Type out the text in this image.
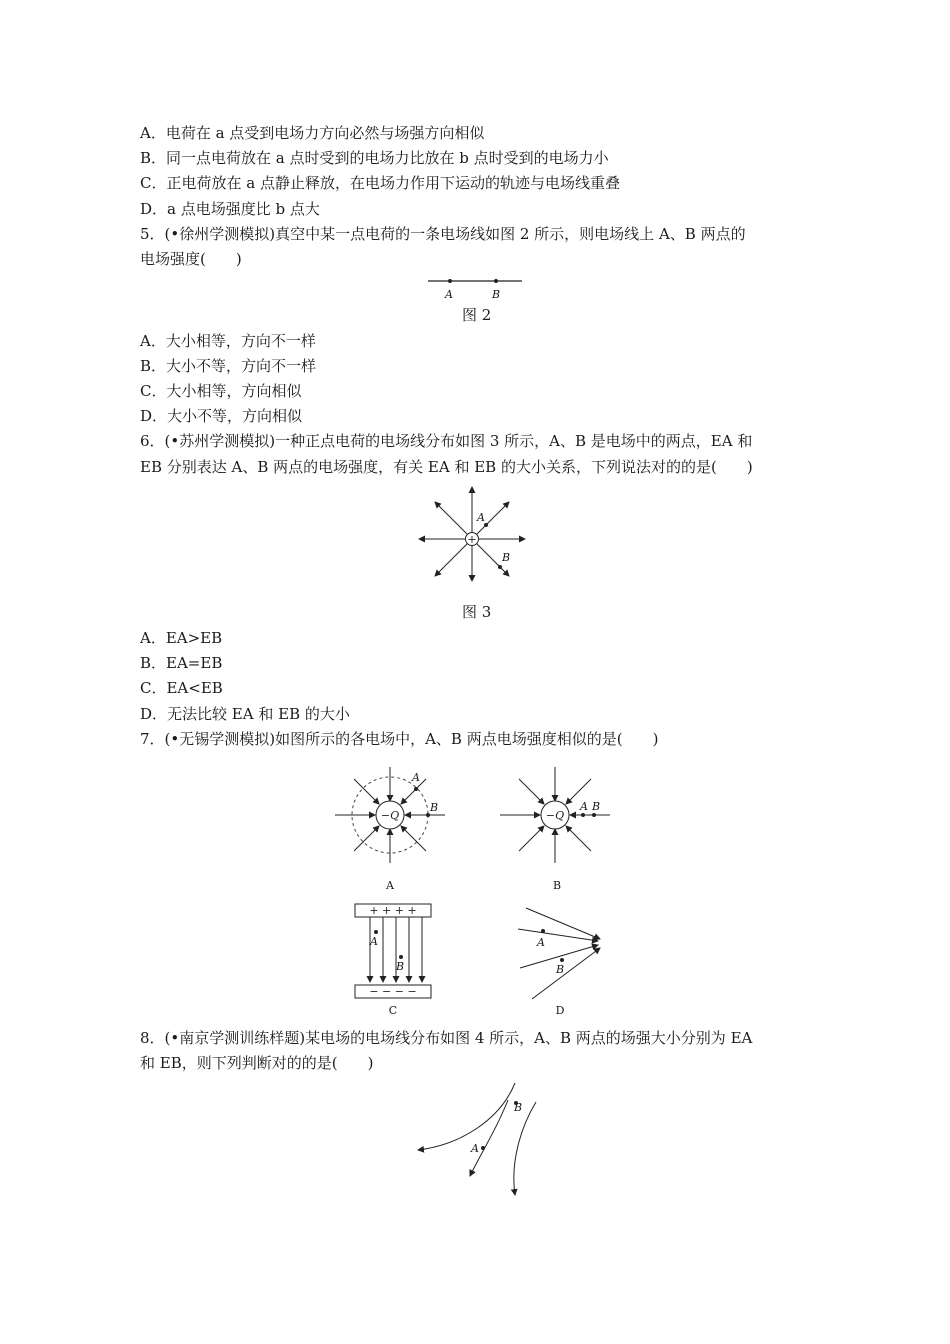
A．电荷在 a 点受到电场力方向必然与场强方向相似
B．同一点电荷放在 a 点时受到的电场力比放在 b 点时受到的电场力小
C．正电荷放在 a 点静止释放，在电场力作用下运动的轨迹与电场线重叠
D．a 点电场强度比 b 点大
5．(•徐州学测模拟)真空中某一点电荷的一条电场线如图 2 所示，则电场线上 A、B 两点的
电场强度(　　)
A	B
图 2
A．大小相等，方向不一样
B．大小不等，方向不一样
C．大小相等，方向相似
D．大小不等，方向相似
6．(•苏州学测模拟)一种正点电荷的电场线分布如图 3 所示，A、B 是电场中的两点，EA 和
EB 分别表达 A、B 两点的电场强度，有关 EA 和 EB 的大小关系，下列说法对的的是(　　)
+
A
B
图 3
A．EA>EB
B．EA=EB
C．EA<EB
D．无法比较 EA 和 EB 的大小
7．(•无锡学测模拟)如图所示的各电场中，A、B 两点电场强度相似的是(　　)
−Q
A
B
A
−Q
A B
B
+ + + +
− − − −
A
B
C
A
B
D
8．(•南京学测训练样题)某电场的电场线分布如图 4 所示，A、B 两点的场强大小分别为 EA
和 EB，则下列判断对的的是(　　)
A
B
